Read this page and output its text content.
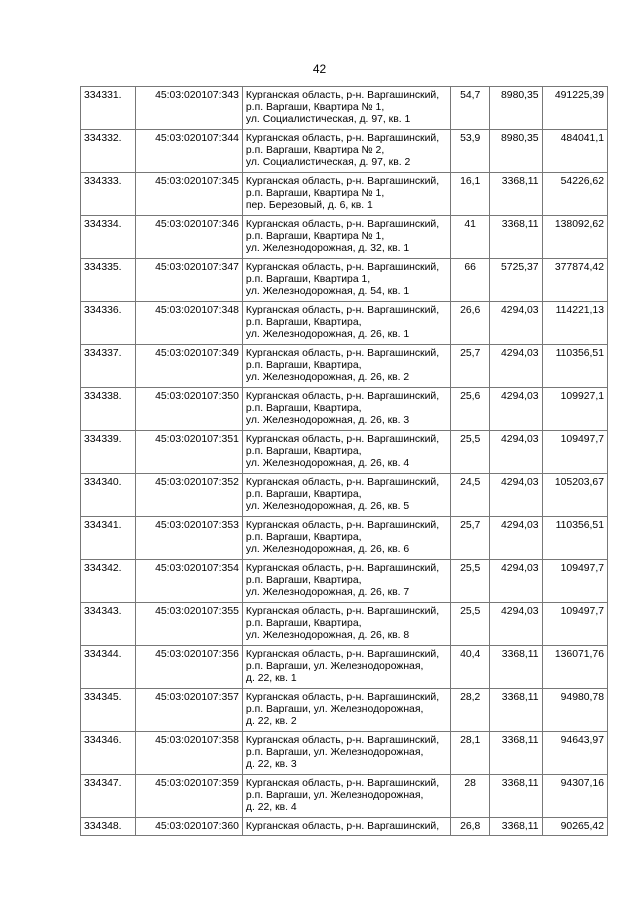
42
334331.	45:03:020107:343	Курганская область, р-н. Варгашинский,
р.п. Варгаши, Квартира № 1,
ул. Социалистическая, д. 97, кв. 1	54,7	8980,35	491225,39
334332.	45:03:020107:344	Курганская область, р-н. Варгашинский,
р.п. Варгаши, Квартира № 2,
ул. Социалистическая, д. 97, кв. 2	53,9	8980,35	484041,1
334333.	45:03:020107:345	Курганская область, р-н. Варгашинский,
р.п. Варгаши, Квартира № 1,
пер. Березовый, д. 6, кв. 1	16,1	3368,11	54226,62
334334.	45:03:020107:346	Курганская область, р-н. Варгашинский,
р.п. Варгаши, Квартира № 1,
ул. Железнодорожная, д. 32, кв. 1	41	3368,11	138092,62
334335.	45:03:020107:347	Курганская область, р-н. Варгашинский,
р.п. Варгаши, Квартира 1,
ул. Железнодорожная, д. 54, кв. 1	66	5725,37	377874,42
334336.	45:03:020107:348	Курганская область, р-н. Варгашинский,
р.п. Варгаши, Квартира,
ул. Железнодорожная, д. 26, кв. 1	26,6	4294,03	114221,13
334337.	45:03:020107:349	Курганская область, р-н. Варгашинский,
р.п. Варгаши, Квартира,
ул. Железнодорожная, д. 26, кв. 2	25,7	4294,03	110356,51
334338.	45:03:020107:350	Курганская область, р-н. Варгашинский,
р.п. Варгаши, Квартира,
ул. Железнодорожная, д. 26, кв. 3	25,6	4294,03	109927,1
334339.	45:03:020107:351	Курганская область, р-н. Варгашинский,
р.п. Варгаши, Квартира,
ул. Железнодорожная, д. 26, кв. 4	25,5	4294,03	109497,7
334340.	45:03:020107:352	Курганская область, р-н. Варгашинский,
р.п. Варгаши, Квартира,
ул. Железнодорожная, д. 26, кв. 5	24,5	4294,03	105203,67
334341.	45:03:020107:353	Курганская область, р-н. Варгашинский,
р.п. Варгаши, Квартира,
ул. Железнодорожная, д. 26, кв. 6	25,7	4294,03	110356,51
334342.	45:03:020107:354	Курганская область, р-н. Варгашинский,
р.п. Варгаши, Квартира,
ул. Железнодорожная, д. 26, кв. 7	25,5	4294,03	109497,7
334343.	45:03:020107:355	Курганская область, р-н. Варгашинский,
р.п. Варгаши, Квартира,
ул. Железнодорожная, д. 26, кв. 8	25,5	4294,03	109497,7
334344.	45:03:020107:356	Курганская область, р-н. Варгашинский,
р.п. Варгаши, ул. Железнодорожная,
д. 22, кв. 1	40,4	3368,11	136071,76
334345.	45:03:020107:357	Курганская область, р-н. Варгашинский,
р.п. Варгаши, ул. Железнодорожная,
д. 22, кв. 2	28,2	3368,11	94980,78
334346.	45:03:020107:358	Курганская область, р-н. Варгашинский,
р.п. Варгаши, ул. Железнодорожная,
д. 22, кв. 3	28,1	3368,11	94643,97
334347.	45:03:020107:359	Курганская область, р-н. Варгашинский,
р.п. Варгаши, ул. Железнодорожная,
д. 22, кв. 4	28	3368,11	94307,16
334348.	45:03:020107:360	Курганская область, р-н. Варгашинский,	26,8	3368,11	90265,42
